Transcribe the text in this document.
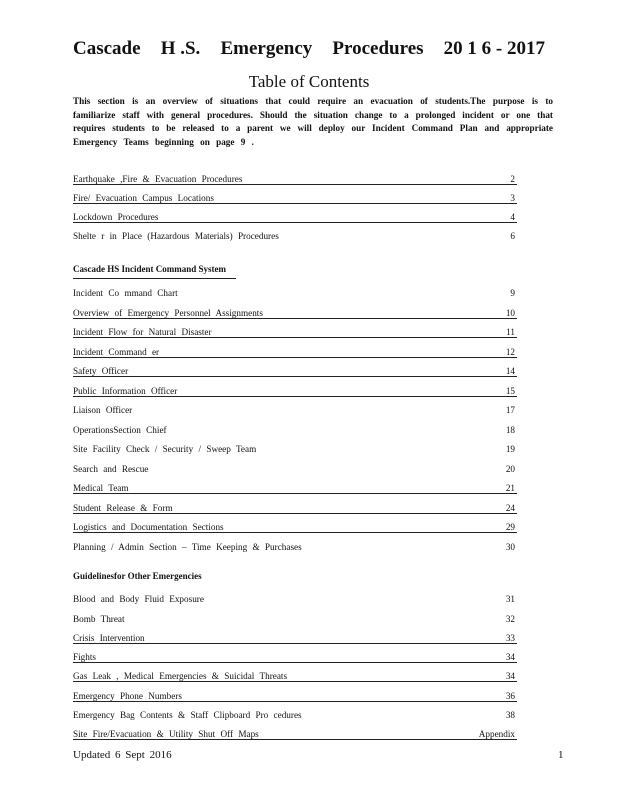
Cascade H .S. Emergency Procedures 20 1 6 - 2017
Table of Contents
This section is an overview of situations that could require an evacuation of students.The purpose is to familiarize staff with general procedures. Should the situation change to a prolonged incident or one that requires students to be released to a parent we will deploy our Incident Command Plan and appropriate Emergency Teams beginning on page 9 .
Earthquake ,Fire & Evacuation Procedures	2
Fire/ Evacuation Campus Locations	3
Lockdown Procedures	4
Shelte r in Place (Hazardous Materials) Procedures	6
Cascade HS Incident Command System
Incident Co mmand Chart	9
Overview of Emergency Personnel Assignments	10
Incident Flow for Natural Disaster	11
Incident Command er	12
Safety Officer	14
Public Information Officer	15
Liaison Officer	17
OperationsSection Chief	18
Site Facility Check / Security / Sweep Team	19
Search and Rescue	20
Medical Team	21
Student Release & Form	24
Logistics and Documentation Sections	29
Planning / Admin Section – Time Keeping & Purchases	30
Guidelinesfor Other Emergencies
Blood and Body Fluid Exposure	31
Bomb Threat	32
Crisis Intervention	33
Fights	34
Gas Leak , Medical Emergencies & Suicidal Threats	34
Emergency Phone Numbers	36
Emergency Bag Contents & Staff Clipboard Pro cedures	38
Site Fire/Evacuation & Utility Shut Off Maps	Appendix
Updated 6 Sept 2016	1
